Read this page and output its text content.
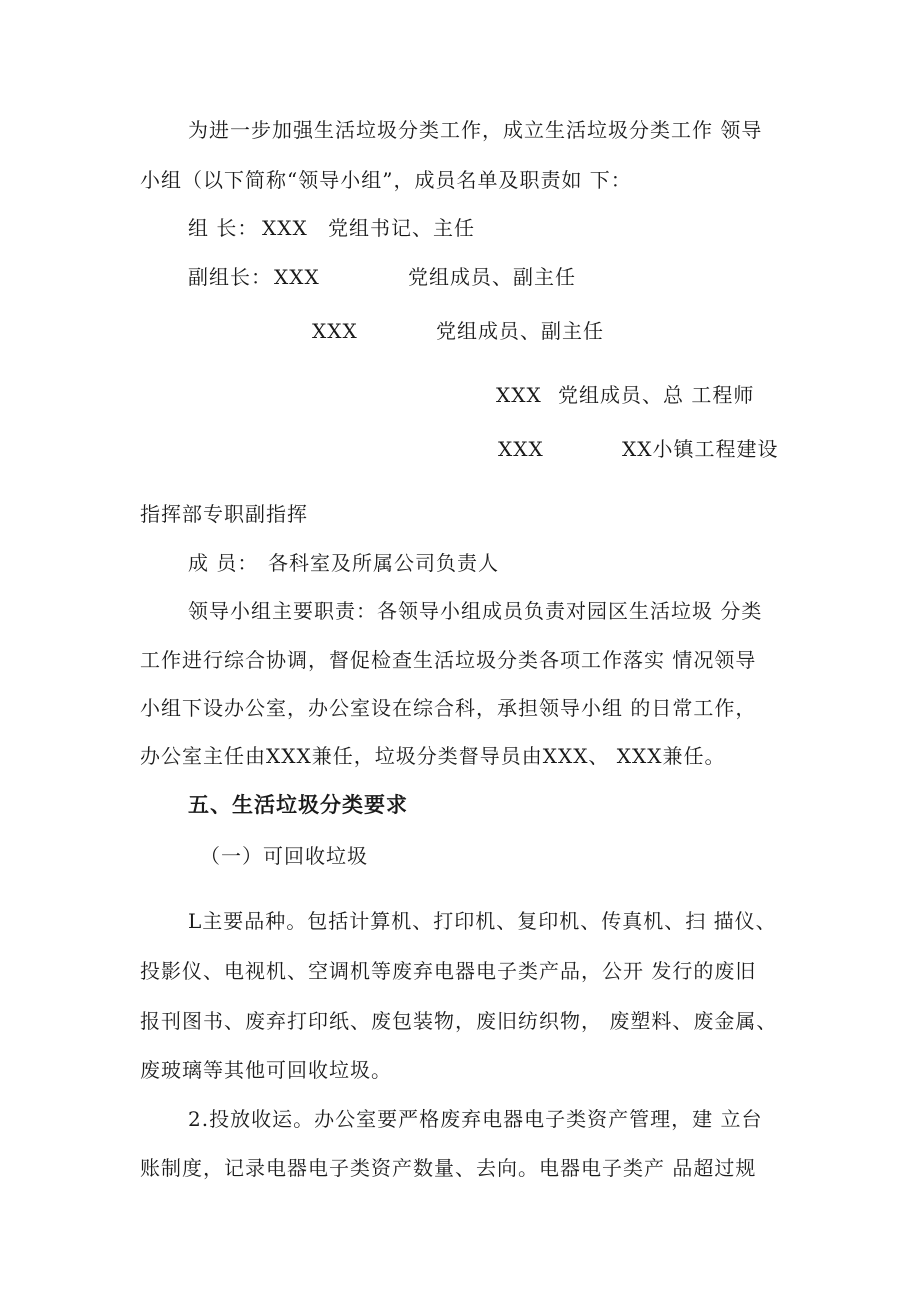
为进一步加强生活垃圾分类工作，成立生活垃圾分类工作 领导
小组（以下简称“领导小组”，成员名单及职责如 下：
组 长： XXX 党组书记、主任
副组长： XXX	党组成员、副主任
XXX	党组成员、副主任
XXX 党组成员、总 工程师
XXX	XX小镇工程建设
指挥部专职副指挥
成 员： 各科室及所属公司负责人
领导小组主要职责：各领导小组成员负责对园区生活垃圾 分类
工作进行综合协调，督促检查生活垃圾分类各项工作落实 情况领导
小组下设办公室，办公室设在综合科，承担领导小组 的日常工作，
办公室主任由XXX兼任，垃圾分类督导员由XXX、 XXX兼任。
五、生活垃圾分类要求
（一）可回收垃圾
L主要品种。包括计算机、打印机、复印机、传真机、扫 描仪、
投影仪、电视机、空调机等废弃电器电子类产品，公开 发行的废旧
报刊图书、废弃打印纸、废包装物，废旧纺织物， 废塑料、废金属、
废玻璃等其他可回收垃圾。
2.投放收运。办公室要严格废弃电器电子类资产管理，建 立台
账制度，记录电器电子类资产数量、去向。电器电子类产 品超过规
